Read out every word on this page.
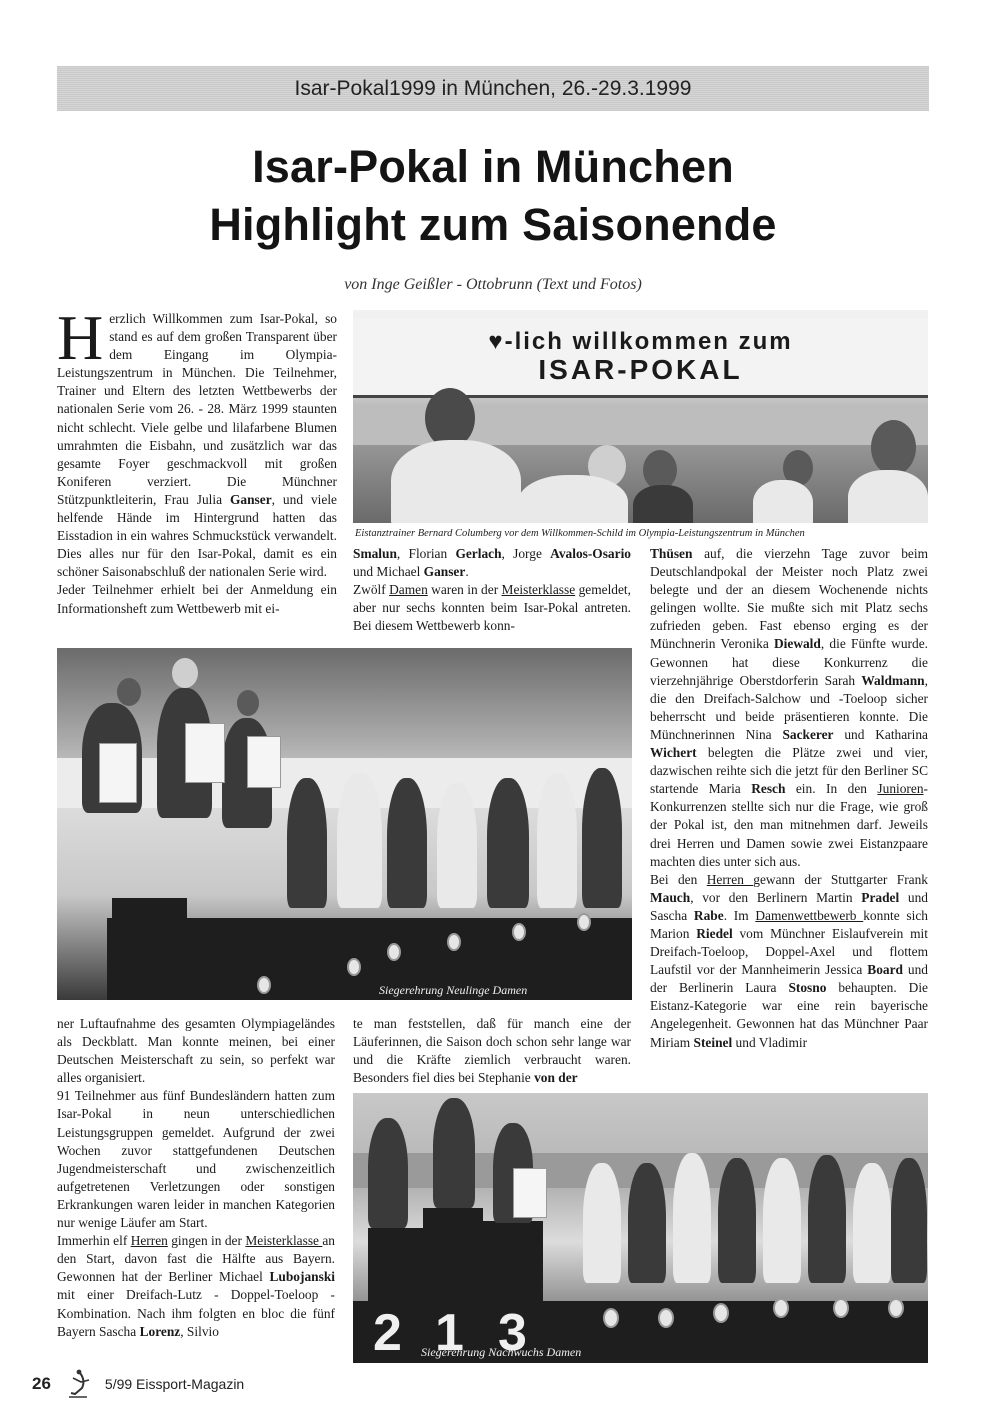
Isar-Pokal1999 in München, 26.-29.3.1999
Isar-Pokal in München
Highlight zum Saisonende
von Inge Geißler - Ottobrunn (Text und Fotos)
H erzlich Willkommen zum Isar-Pokal, so stand es auf dem großen Transparent über dem Eingang im Olympia-Leistungszentrum in München. Die Teilnehmer, Trainer und Eltern des letzten Wettbewerbs der nationalen Serie vom 26. - 28. März 1999 staunten nicht schlecht. Viele gelbe und lilafarbene Blumen umrahmten die Eisbahn, und zusätzlich war das gesamte Foyer geschmackvoll mit großen Koniferen verziert. Die Münchner Stützpunktleiterin, Frau Julia Ganser, und viele helfende Hände im Hintergrund hatten das Eisstadion in ein wahres Schmuckstück verwandelt. Dies alles nur für den Isar-Pokal, damit es ein schöner Saisonabschluß der nationalen Serie wird.
Jeder Teilnehmer erhielt bei der Anmeldung ein Informationsheft zum Wettbewerb mit ei-
♥-lich willkommen zum
ISAR-POKAL
Eistanztrainer Bernard Columberg vor dem Willkommen-Schild im Olympia-Leistungszentrum in München
Smalun, Florian Gerlach, Jorge Avalos-Osario und Michael Ganser.
Zwölf Damen waren in der Meisterklasse gemeldet, aber nur sechs konnten beim Isar-Pokal antreten. Bei diesem Wettbewerb konn-
Thüsen auf, die vierzehn Tage zuvor beim Deutschlandpokal der Meister noch Platz zwei belegte und der an diesem Wochenende nichts gelingen wollte. Sie mußte sich mit Platz sechs zufrieden geben. Fast ebenso erging es der Münchnerin Veronika Diewald, die Fünfte wurde. Gewonnen hat diese Konkurrenz die vierzehnjährige Oberstdorferin Sarah Waldmann, die den Dreifach-Salchow und -Toeloop sicher beherrscht und beide präsentieren konnte. Die Münchnerinnen Nina Sackerer und Katharina Wichert belegten die Plätze zwei und vier, dazwischen reihte sich die jetzt für den Berliner SC startende Maria Resch ein. In den Junioren-Konkurrenzen stellte sich nur die Frage, wie groß der Pokal ist, den man mitnehmen darf. Jeweils drei Herren und Damen sowie zwei Eistanzpaare machten dies unter sich aus.
Bei den Herren gewann der Stuttgarter Frank Mauch, vor den Berlinern Martin Pradel und Sascha Rabe. Im Damenwettbewerb konnte sich Marion Riedel vom Münchner Eislaufverein mit Dreifach-Toeloop, Doppel-Axel und flottem Laufstil vor der Mannheimerin Jessica Board und der Berlinerin Laura Stosno behaupten. Die Eistanz-Kategorie war eine rein bayerische Angelegenheit. Gewonnen hat das Münchner Paar Miriam Steinel und Vladimir
Siegerehrung Neulinge Damen
ner Luftaufnahme des gesamten Olympiageländes als Deckblatt. Man konnte meinen, bei einer Deutschen Meisterschaft zu sein, so perfekt war alles organisiert.
91 Teilnehmer aus fünf Bundesländern hatten zum Isar-Pokal in neun unterschiedlichen Leistungsgruppen gemeldet. Aufgrund der zwei Wochen zuvor stattgefundenen Deutschen Jugendmeisterschaft und zwischenzeitlich aufgetretenen Verletzungen oder sonstigen Erkrankungen waren leider in manchen Kategorien nur wenige Läufer am Start.
Immerhin elf Herren gingen in der Meisterklasse an den Start, davon fast die Hälfte aus Bayern. Gewonnen hat der Berliner Michael Lubojanski mit einer Dreifach-Lutz - Doppel-Toeloop - Kombination. Nach ihm folgten en bloc die fünf Bayern Sascha Lorenz, Silvio
te man feststellen, daß für manch eine der Läuferinnen, die Saison doch schon sehr lange war und die Kräfte ziemlich verbraucht waren. Besonders fiel dies bei Stephanie von der
2 1 3
Siegerehrung Nachwuchs Damen
26	5/99 Eissport-Magazin
